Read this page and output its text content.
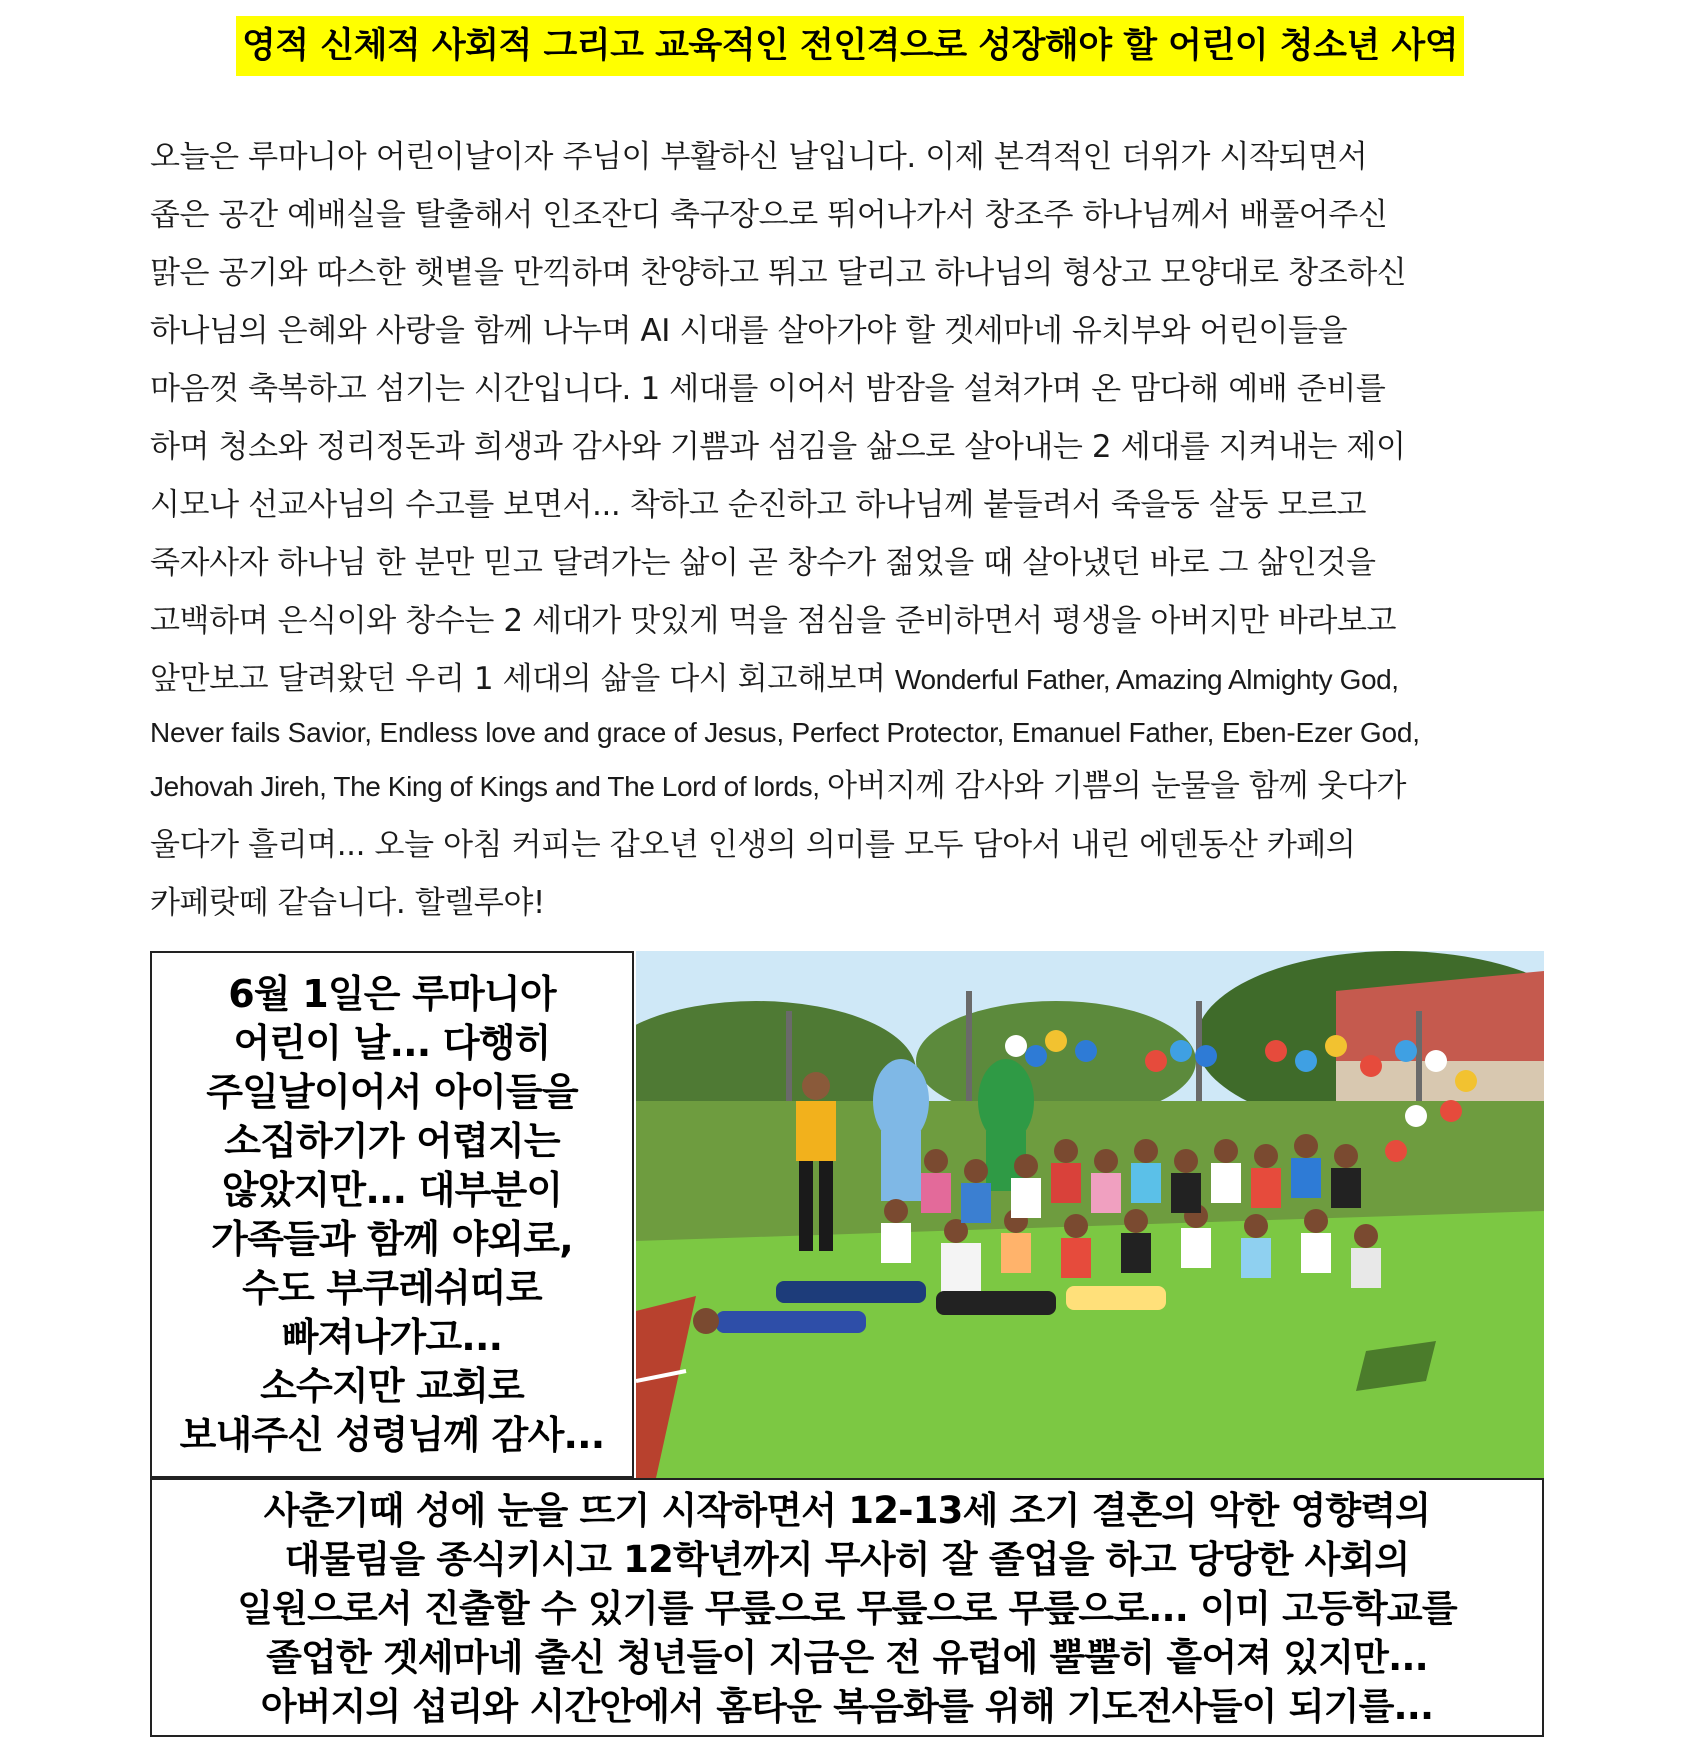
영적 신체적 사회적 그리고 교육적인 전인격으로 성장해야 할 어린이 청소년 사역
오늘은 루마니아 어린이날이자 주님이 부활하신 날입니다. 이제 본격적인 더위가 시작되면서
좁은 공간 예배실을 탈출해서 인조잔디 축구장으로 뛰어나가서 창조주 하나님께서 배풀어주신
맑은 공기와 따스한 햇볕을 만끽하며 찬양하고 뛰고 달리고 하나님의 형상고 모양대로 창조하신
하나님의 은혜와 사랑을 함께 나누며 AI 시대를 살아가야 할 겟세마네 유치부와 어린이들을
마음껏 축복하고 섬기는 시간입니다. 1 세대를 이어서 밤잠을 설쳐가며 온 맘다해 예배 준비를
하며 청소와 정리정돈과 희생과 감사와 기쁨과 섬김을 삶으로 살아내는 2 세대를 지켜내는 제이
시모나 선교사님의 수고를 보면서... 착하고 순진하고 하나님께 붙들려서 죽을둥 살둥 모르고
죽자사자 하나님 한 분만 믿고 달려가는 삶이 곧 창수가 젊었을 때 살아냈던 바로 그 삶인것을
고백하며 은식이와 창수는 2 세대가 맛있게 먹을 점심을 준비하면서 평생을 아버지만 바라보고
앞만보고 달려왔던 우리 1 세대의 삶을 다시 회고해보며 Wonderful Father, Amazing Almighty God,
Never fails Savior, Endless love and grace of Jesus, Perfect Protector, Emanuel Father, Eben-Ezer God,
Jehovah Jireh, The King of Kings and The Lord of lords, 아버지께 감사와 기쁨의 눈물을 함께 웃다가
울다가 흘리며... 오늘 아침 커피는 갑오년 인생의 의미를 모두 담아서 내린 에덴동산 카페의
카페랏떼 같습니다. 할렐루야!
6월 1일은 루마니아
어린이 날... 다행히
주일날이어서 아이들을
소집하기가 어렵지는
않았지만... 대부분이
가족들과 함께 야외로,
수도 부쿠레쉬띠로
빠져나가고...
소수지만 교회로
보내주신 성령님께 감사...
사춘기때 성에 눈을 뜨기 시작하면서 12-13세 조기 결혼의 악한 영향력의
대물림을 종식키시고 12학년까지 무사히 잘 졸업을 하고 당당한 사회의
일원으로서 진출할 수 있기를 무릎으로 무릎으로 무릎으로... 이미 고등학교를
졸업한 겟세마네 출신 청년들이 지금은 전 유럽에 뿔뿔히 흩어져 있지만...
아버지의 섭리와 시간안에서 홈타운 복음화를 위해 기도전사들이 되기를...
